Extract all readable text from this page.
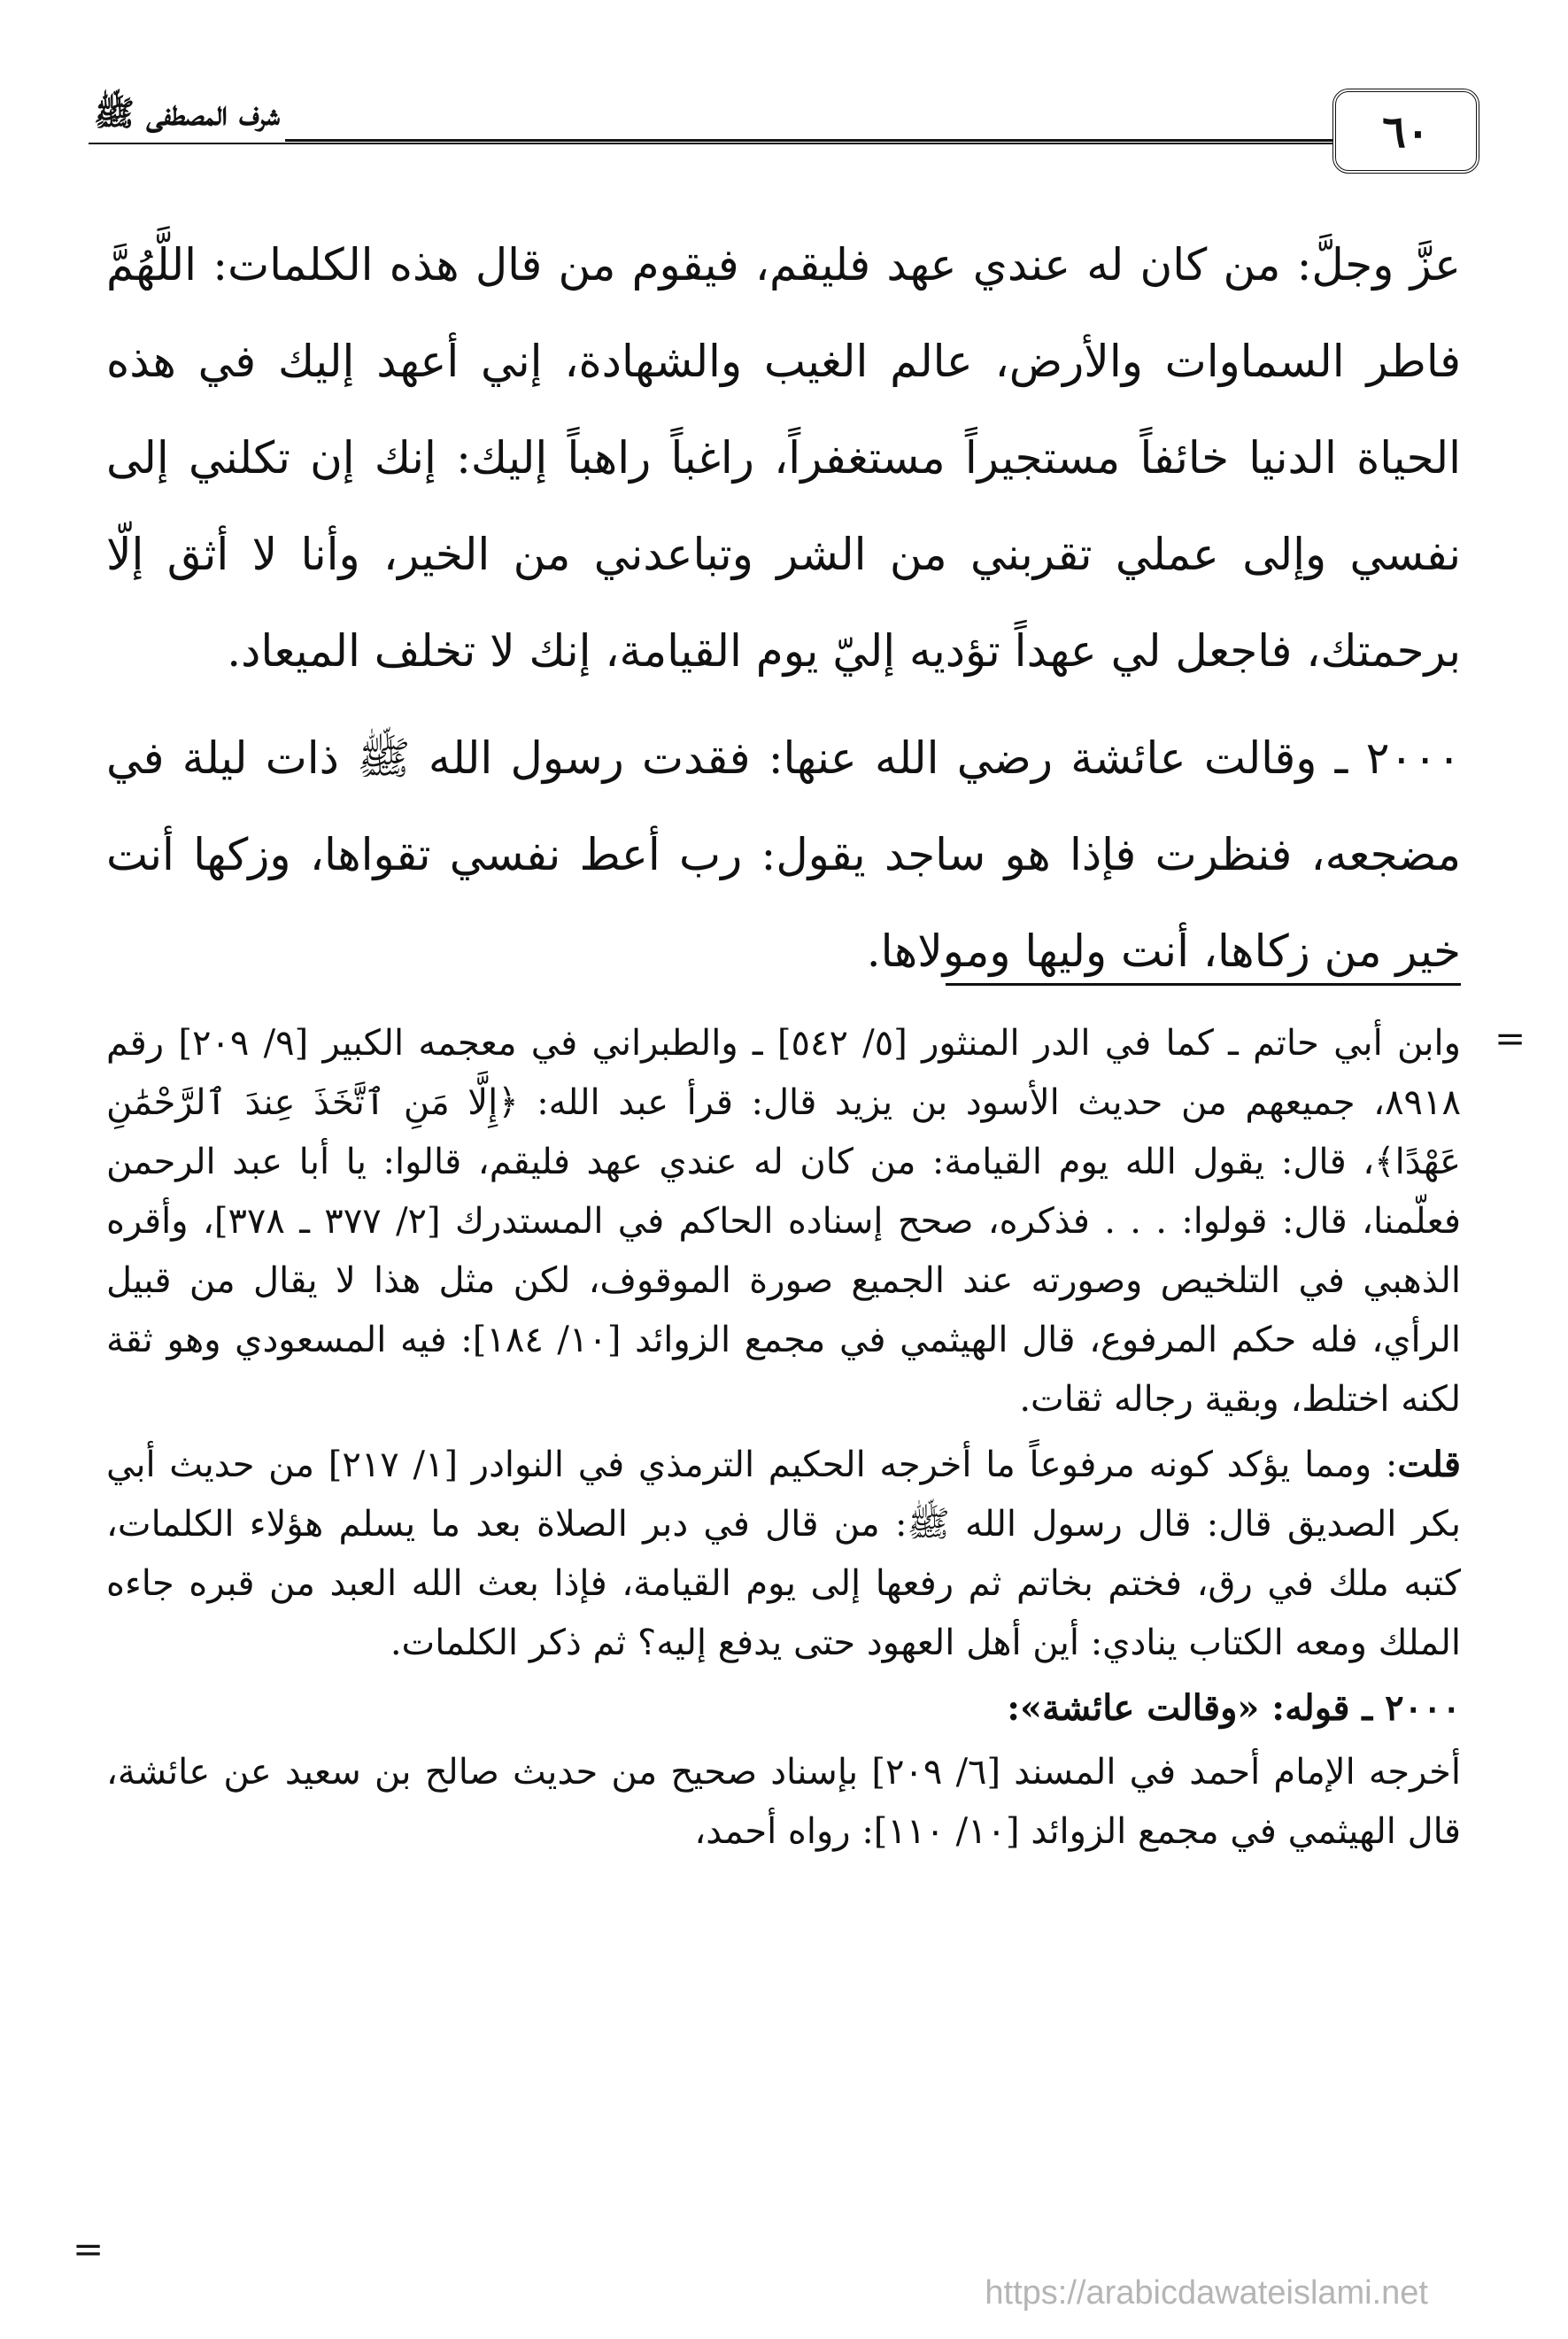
شرف المصطفى ﷺ	٦٠

عزَّ وجلَّ: من كان له عندي عهد فليقم، فيقوم من قال هذه الكلمات: اللَّهُمَّ فاطر السماوات والأرض، عالم الغيب والشهادة، إني أعهد إليك في هذه الحياة الدنيا خائفاً مستجيراً مستغفراً، راغباً راهباً إليك: إنك إن تكلني إلى نفسي وإلى عملي تقربني من الشر وتباعدني من الخير، وأنا لا أثق إلّا برحمتك، فاجعل لي عهداً تؤديه إليّ يوم القيامة، إنك لا تخلف الميعاد.

٢٠٠٠ ـ وقالت عائشة رضي الله عنها: فقدت رسول الله ﷺ ذات ليلة في مضجعه، فنظرت فإذا هو ساجد يقول: رب أعط نفسي تقواها، وزكها أنت خير من زكاها، أنت وليها ومولاها.

=

وابن أبي حاتم ـ كما في الدر المنثور [٥/ ٥٤٢] ـ والطبراني في معجمه الكبير [٩/ ٢٠٩] رقم ٨٩١٨، جميعهم من حديث الأسود بن يزيد قال: قرأ عبد الله: ﴿إِلَّا مَنِ ٱتَّخَذَ عِندَ ٱلرَّحْمَٰنِ عَهْدًا﴾، قال: يقول الله يوم القيامة: من كان له عندي عهد فليقم، قالوا: يا أبا عبد الرحمن فعلّمنا، قال: قولوا: . . . فذكره، صحح إسناده الحاكم في المستدرك [٢/ ٣٧٧ ـ ٣٧٨]، وأقره الذهبي في التلخيص وصورته عند الجميع صورة الموقوف، لكن مثل هذا لا يقال من قبيل الرأي، فله حكم المرفوع، قال الهيثمي في مجمع الزوائد [١٠/ ١٨٤]: فيه المسعودي وهو ثقة لكنه اختلط، وبقية رجاله ثقات.

قلت: ومما يؤكد كونه مرفوعاً ما أخرجه الحكيم الترمذي في النوادر [١/ ٢١٧] من حديث أبي بكر الصديق قال: قال رسول الله ﷺ: من قال في دبر الصلاة بعد ما يسلم هؤلاء الكلمات، كتبه ملك في رق، فختم بخاتم ثم رفعها إلى يوم القيامة، فإذا بعث الله العبد من قبره جاءه الملك ومعه الكتاب ينادي: أين أهل العهود حتى يدفع إليه؟ ثم ذكر الكلمات.

٢٠٠٠ ـ قوله: «وقالت عائشة»:

أخرجه الإمام أحمد في المسند [٦/ ٢٠٩] بإسناد صحيح من حديث صالح بن سعيد عن عائشة، قال الهيثمي في مجمع الزوائد [١٠/ ١١٠]: رواه أحمد،

=
https://arabicdawateislami.net
